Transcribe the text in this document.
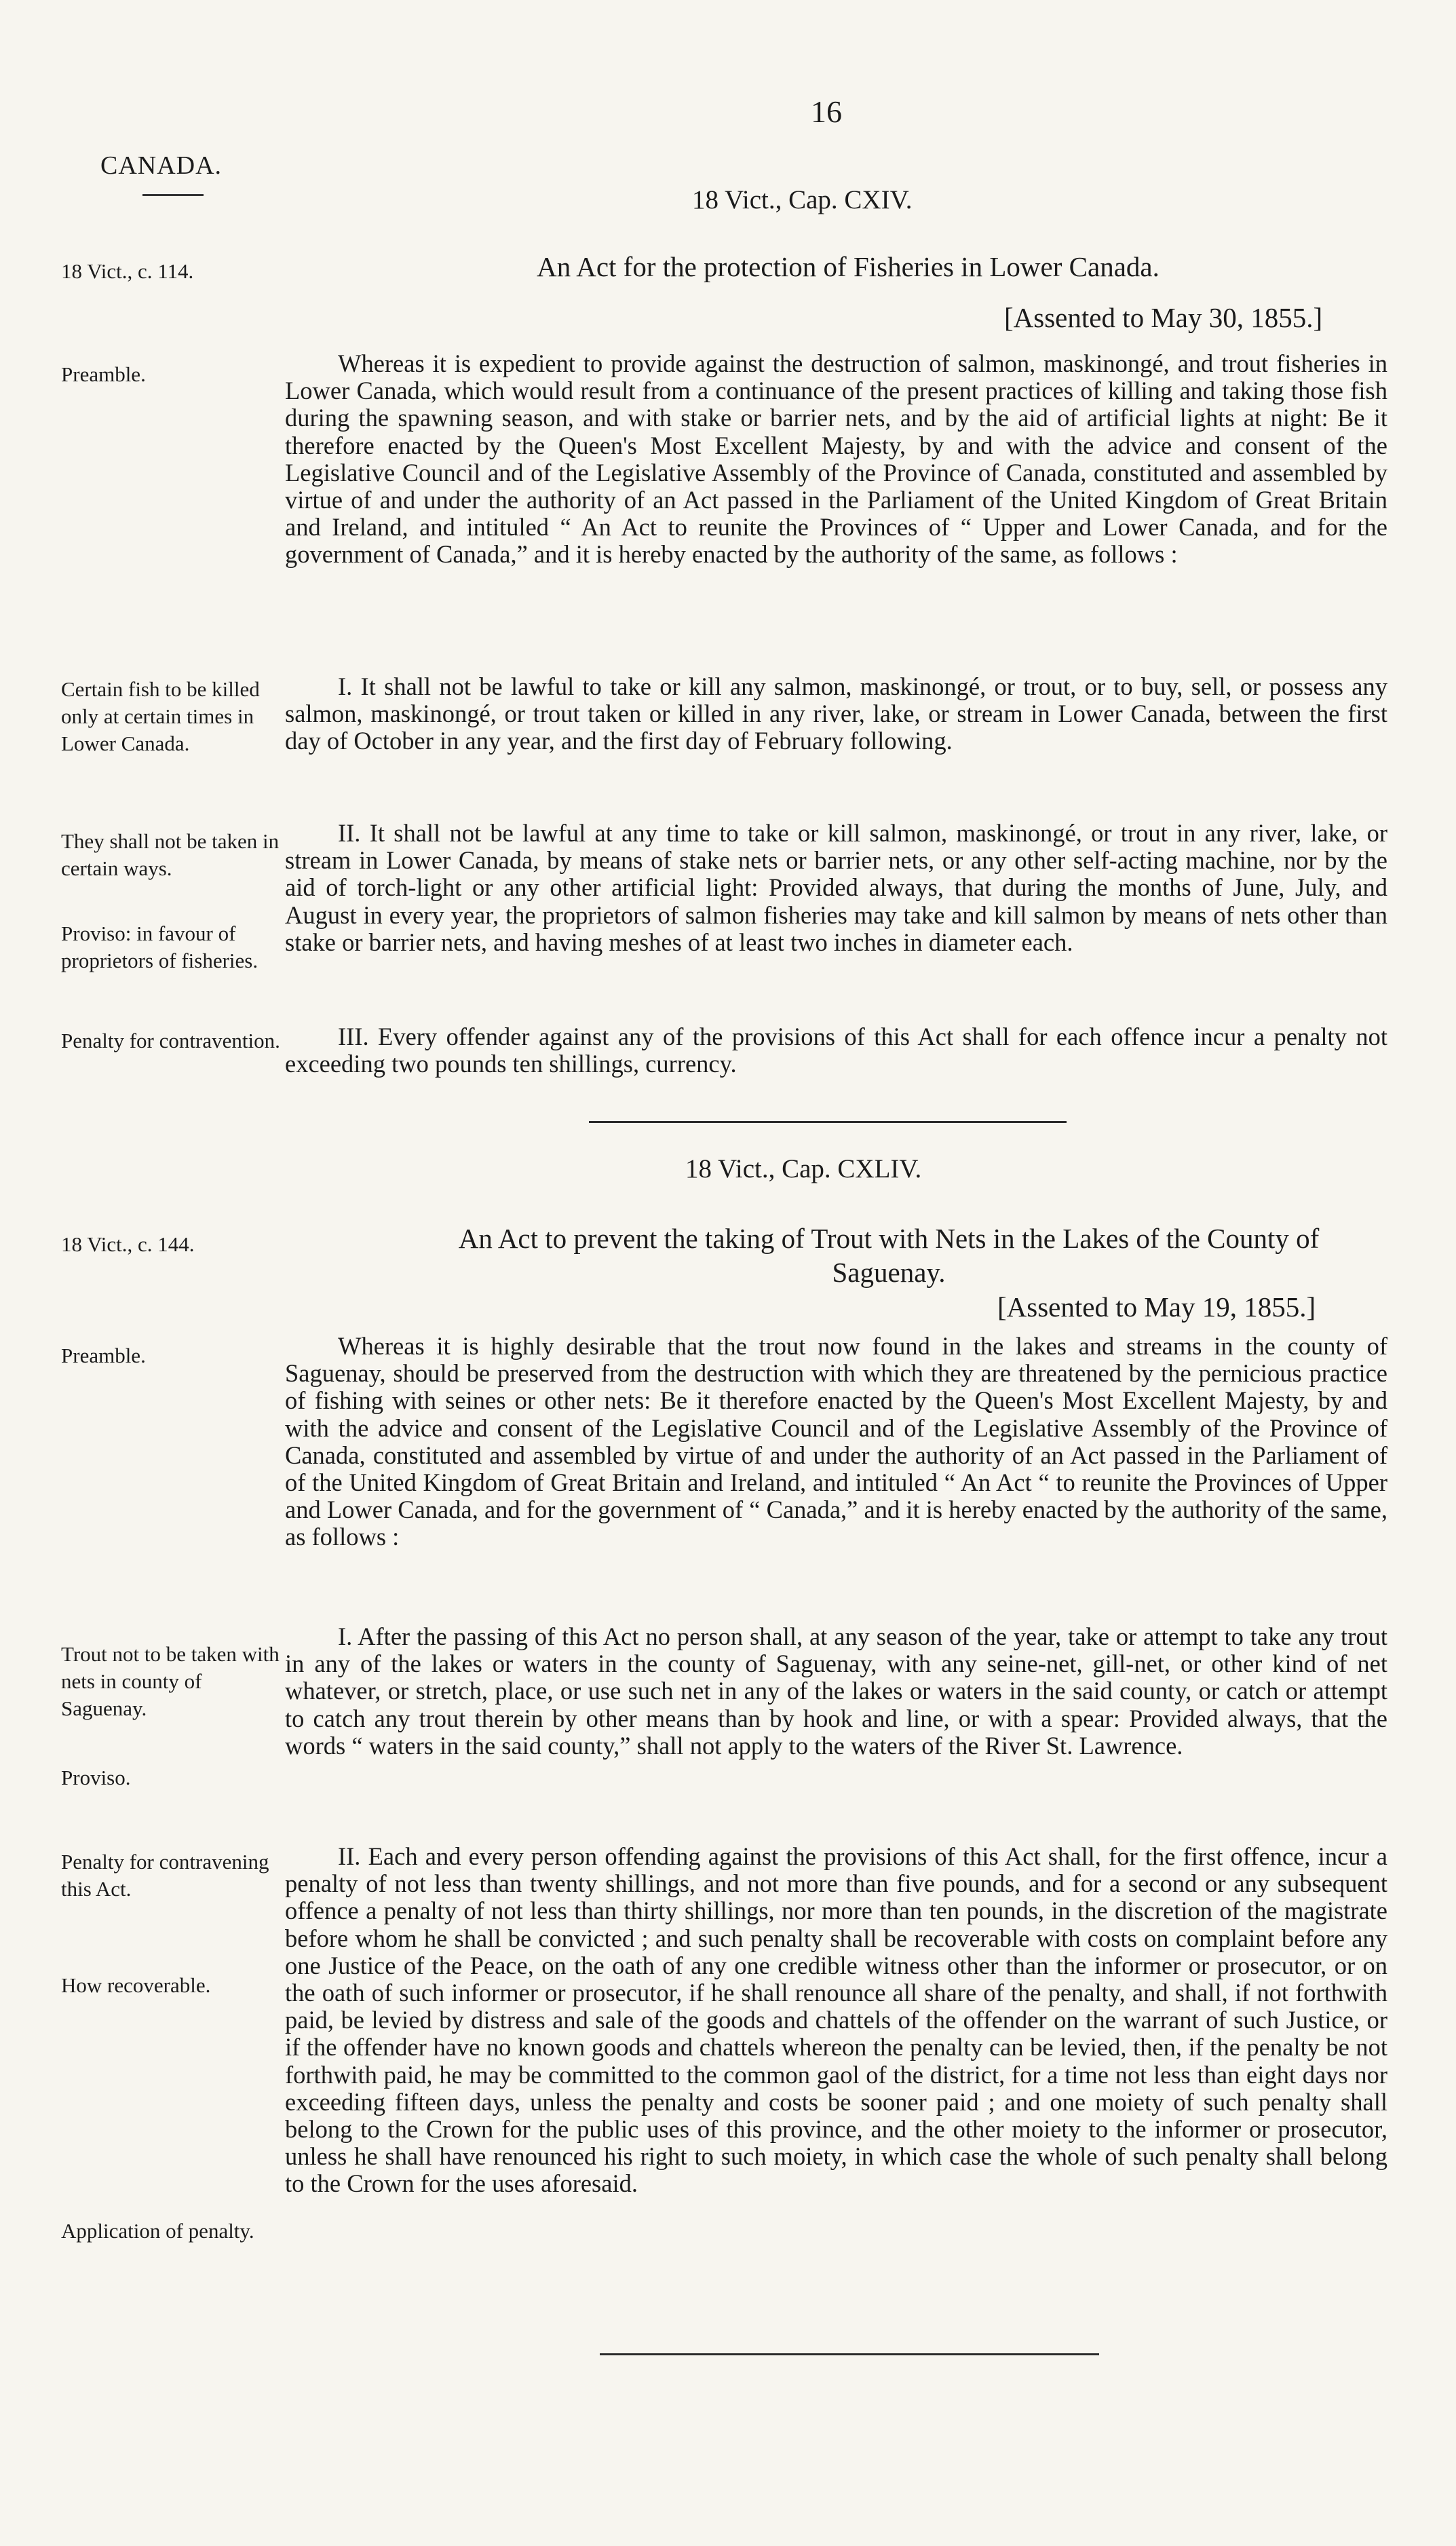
16
CANADA.
18 Vict., Cap. CXIV.
18 Vict., c. 114.	An Act for the protection of Fisheries in Lower Canada.
[Assented to May 30, 1855.]
Preamble.	Whereas it is expedient to provide against the destruction of salmon, maskinongé, and trout fisheries in Lower Canada, which would result from a continuance of the present practices of killing and taking those fish during the spawning season, and with stake or barrier nets, and by the aid of artificial lights at night: Be it therefore enacted by the Queen's Most Excellent Majesty, by and with the advice and consent of the Legislative Council and of the Legislative Assembly of the Province of Canada, constituted and assembled by virtue of and under the authority of an Act passed in the Parliament of the United Kingdom of Great Britain and Ireland, and intituled “ An Act to reunite the Provinces of “ Upper and Lower Canada, and for the government of Canada,” and it is hereby enacted by the authority of the same, as follows :

Certain fish to be killed only at certain times in Lower Canada.

I. It shall not be lawful to take or kill any salmon, maskinongé, or trout, or to buy, sell, or possess any salmon, maskinongé, or trout taken or killed in any river, lake, or stream in Lower Canada, between the first day of October in any year, and the first day of February following.

They shall not be taken in certain ways.
Proviso: in favour of proprietors of fisheries.

II. It shall not be lawful at any time to take or kill salmon, maskinongé, or trout in any river, lake, or stream in Lower Canada, by means of stake nets or barrier nets, or any other self-acting machine, nor by the aid of torch-light or any other artificial light: Provided always, that during the months of June, July, and August in every year, the proprietors of salmon fisheries may take and kill salmon by means of nets other than stake or barrier nets, and having meshes of at least two inches in diameter each.

Penalty for contravention.	III. Every offender against any of the provisions of this Act shall for each offence incur a penalty not exceeding two pounds ten shillings, currency.

18 Vict., Cap. CXLIV.
18 Vict., c. 144.	An Act to prevent the taking of Trout with Nets in the Lakes of the County of
Saguenay.
[Assented to May 19, 1855.]
Preamble.	Whereas it is highly desirable that the trout now found in the lakes and streams in the county of Saguenay, should be preserved from the destruction with which they are threatened by the pernicious practice of fishing with seines or other nets: Be it therefore enacted by the Queen's Most Excellent Majesty, by and with the advice and consent of the Legislative Council and of the Legislative Assembly of the Province of Canada, constituted and assembled by virtue of and under the authority of an Act passed in the Parliament of of the United Kingdom of Great Britain and Ireland, and intituled “ An Act “ to reunite the Provinces of Upper and Lower Canada, and for the government of “ Canada,” and it is hereby enacted by the authority of the same, as follows :

Trout not to be taken with nets in county of Saguenay.
Proviso.

I. After the passing of this Act no person shall, at any season of the year, take or attempt to take any trout in any of the lakes or waters in the county of Saguenay, with any seine-net, gill-net, or other kind of net whatever, or stretch, place, or use such net in any of the lakes or waters in the said county, or catch or attempt to catch any trout therein by other means than by hook and line, or with a spear: Provided always, that the words “ waters in the said county,” shall not apply to the waters of the River St. Lawrence.

Penalty for contravening this Act.
How recoverable.
Application of penalty.

II. Each and every person offending against the provisions of this Act shall, for the first offence, incur a penalty of not less than twenty shillings, and not more than five pounds, and for a second or any subsequent offence a penalty of not less than thirty shillings, nor more than ten pounds, in the discretion of the magistrate before whom he shall be convicted ; and such penalty shall be recoverable with costs on complaint before any one Justice of the Peace, on the oath of any one credible witness other than the informer or prosecutor, or on the oath of such informer or prosecutor, if he shall renounce all share of the penalty, and shall, if not forthwith paid, be levied by distress and sale of the goods and chattels of the offender on the warrant of such Justice, or if the offender have no known goods and chattels whereon the penalty can be levied, then, if the penalty be not forthwith paid, he may be committed to the common gaol of the district, for a time not less than eight days nor exceeding fifteen days, unless the penalty and costs be sooner paid ; and one moiety of such penalty shall belong to the Crown for the public uses of this province, and the other moiety to the informer or prosecutor, unless he shall have renounced his right to such moiety, in which case the whole of such penalty shall belong to the Crown for the uses aforesaid.
